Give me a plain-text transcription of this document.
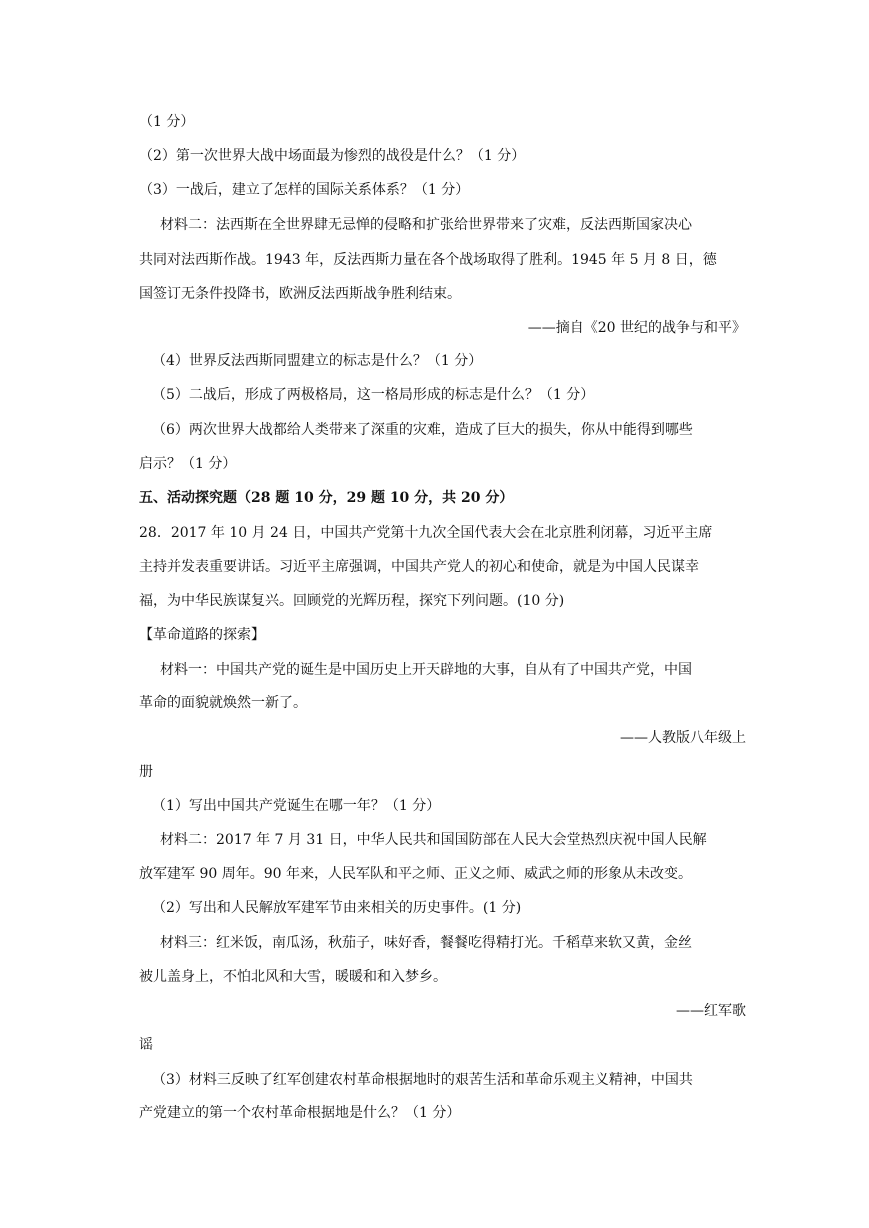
（1 分）
（2）第一次世界大战中场面最为惨烈的战役是什么？（1 分）
（3）一战后，建立了怎样的国际关系体系？（1 分）
材料二：法西斯在全世界肆无忌惮的侵略和扩张给世界带来了灾难，反法西斯国家决心
共同对法西斯作战。1943 年，反法西斯力量在各个战场取得了胜利。1945 年 5 月 8 日，德
国签订无条件投降书，欧洲反法西斯战争胜利结束。
——摘自《20 世纪的战争与和平》
（4）世界反法西斯同盟建立的标志是什么？（1 分）
（5）二战后，形成了两极格局，这一格局形成的标志是什么？（1 分）
（6）两次世界大战都给人类带来了深重的灾难，造成了巨大的损失，你从中能得到哪些
启示？（1 分）
五、活动探究题（28 题 10 分，29 题 10 分，共 20 分）
28．2017 年 10 月 24 日，中国共产党第十九次全国代表大会在北京胜利闭幕，习近平主席
主持并发表重要讲话。习近平主席强调，中国共产党人的初心和使命，就是为中国人民谋幸
福，为中华民族谋复兴。回顾党的光辉历程，探究下列问题。(10 分)
【革命道路的探索】
材料一：中国共产党的诞生是中国历史上开天辟地的大事，自从有了中国共产党，中国
革命的面貌就焕然一新了。
——人教版八年级上
册
（1）写出中国共产党诞生在哪一年？（1 分）
材料二：2017 年 7 月 31 日，中华人民共和国国防部在人民大会堂热烈庆祝中国人民解
放军建军 90 周年。90 年来，人民军队和平之师、正义之师、威武之师的形象从未改变。
（2）写出和人民解放军建军节由来相关的历史事件。(1 分)
材料三：红米饭，南瓜汤，秋茄子，味好香，餐餐吃得精打光。千稻草来软又黄，金丝
被儿盖身上，不怕北风和大雪，暖暖和和入梦乡。
——红军歌
谣
（3）材料三反映了红军创建农村革命根据地时的艰苦生活和革命乐观主义精神，中国共
产党建立的第一个农村革命根据地是什么？（1 分）
